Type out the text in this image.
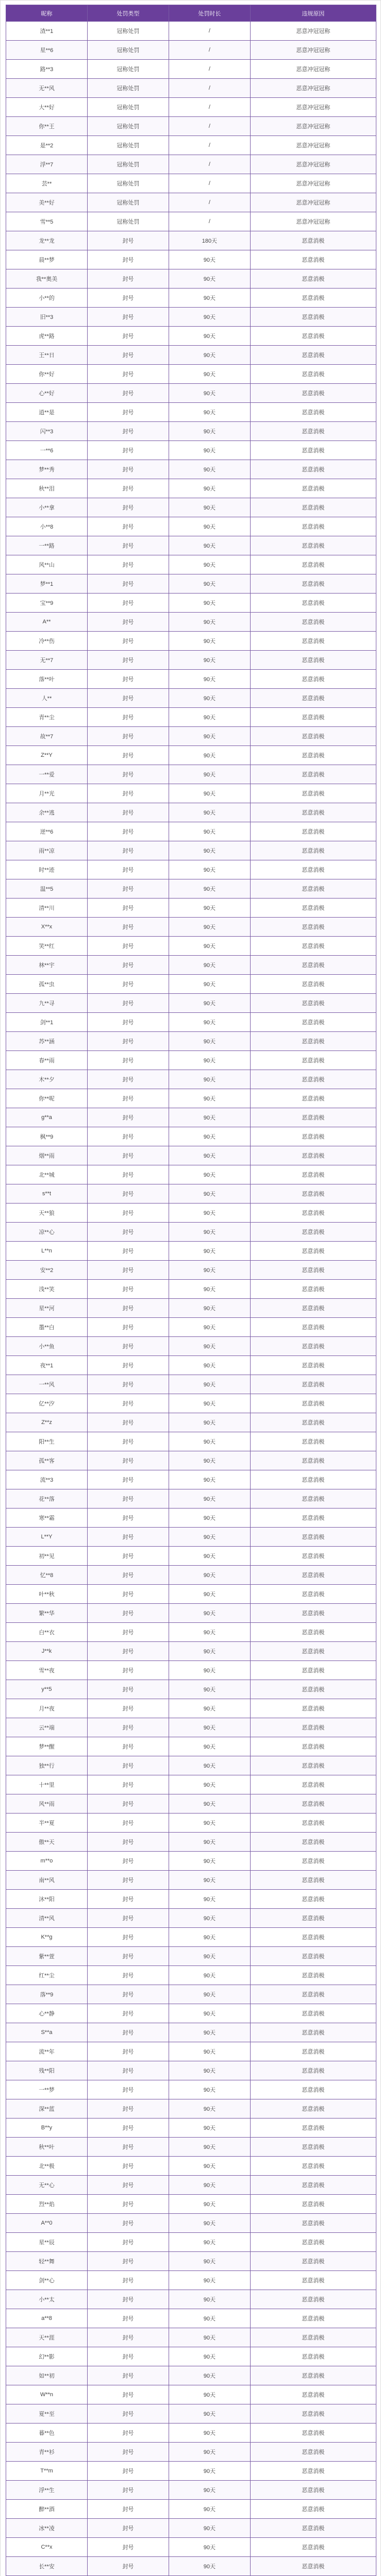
昵称	处罚类型	处罚时长	违规原因
渣**1	冠称处罚	/	恶意冲冠冠称
星**6	冠称处罚	/	恶意冲冠冠称
路**3	冠称处罚	/	恶意冲冠冠称
无**风	冠称处罚	/	恶意冲冠冠称
大**好	冠称处罚	/	恶意冲冠冠称
你**王	冠称处罚	/	恶意冲冠冠称
是**2	冠称处罚	/	恶意冲冠冠称
浮**7	冠称处罚	/	恶意冲冠冠称
芸**	冠称处罚	/	恶意冲冠冠称
美**好	冠称处罚	/	恶意冲冠冠称
雪**5	冠称处罚	/	恶意冲冠冠称
龙**龙	封号	180天	恶意消极
晨**梦	封号	90天	恶意消极
我**奥美	封号	90天	恶意消极
小**的	封号	90天	恶意消极
旧**3	封号	90天	恶意消极
虎**路	封号	90天	恶意消极
王**日	封号	90天	恶意消极
你**好	封号	90天	恶意消极
心**好	封号	90天	恶意消极
逍**是	封号	90天	恶意消极
闪**3	封号	90天	恶意消极
一**6	封号	90天	恶意消极
梦**秀	封号	90天	恶意消极
秋**泪	封号	90天	恶意消极
小**拿	封号	90天	恶意消极
小**8	封号	90天	恶意消极
一**路	封号	90天	恶意消极
风**山	封号	90天	恶意消极
梦**1	封号	90天	恶意消极
宝**9	封号	90天	恶意消极
A**	封号	90天	恶意消极
冷**伤	封号	90天	恶意消极
无**7	封号	90天	恶意消极
落**叶	封号	90天	恶意消极
人**	封号	90天	恶意消极
青**尘	封号	90天	恶意消极
故**7	封号	90天	恶意消极
Z**Y	封号	90天	恶意消极
一**爱	封号	90天	恶意消极
月**光	封号	90天	恶意消极
余**逃	封号	90天	恶意消极
逆**6	封号	90天	恶意消极
雨**凉	封号	90天	恶意消极
时**迹	封号	90天	恶意消极
温**5	封号	90天	恶意消极
清**川	封号	90天	恶意消极
X**x	封号	90天	恶意消极
笑**红	封号	90天	恶意消极
林**宇	封号	90天	恶意消极
孤**虫	封号	90天	恶意消极
九**寻	封号	90天	恶意消极
剑**1	封号	90天	恶意消极
苏**涵	封号	90天	恶意消极
春**雨	封号	90天	恶意消极
木**夕	封号	90天	恶意消极
你**呢	封号	90天	恶意消极
g**a	封号	90天	恶意消极
枫**9	封号	90天	恶意消极
烟**雨	封号	90天	恶意消极
北**城	封号	90天	恶意消极
s**t	封号	90天	恶意消极
天**狼	封号	90天	恶意消极
凉**心	封号	90天	恶意消极
L**n	封号	90天	恶意消极
安**2	封号	90天	恶意消极
浅**笑	封号	90天	恶意消极
星**河	封号	90天	恶意消极
墨**白	封号	90天	恶意消极
小**鱼	封号	90天	恶意消极
夜**1	封号	90天	恶意消极
一**风	封号	90天	恶意消极
亿**汐	封号	90天	恶意消极
Z**z	封号	90天	恶意消极
阳**生	封号	90天	恶意消极
孤**客	封号	90天	恶意消极
流**3	封号	90天	恶意消极
花**落	封号	90天	恶意消极
寒**霜	封号	90天	恶意消极
L**Y	封号	90天	恶意消极
初**见	封号	90天	恶意消极
忆**8	封号	90天	恶意消极
叶**秋	封号	90天	恶意消极
繁**华	封号	90天	恶意消极
白**衣	封号	90天	恶意消极
J**k	封号	90天	恶意消极
雪**夜	封号	90天	恶意消极
y**5	封号	90天	恶意消极
月**夜	封号	90天	恶意消极
云**端	封号	90天	恶意消极
梦**醒	封号	90天	恶意消极
独**行	封号	90天	恶意消极
十**里	封号	90天	恶意消极
风**雨	封号	90天	恶意消极
半**夏	封号	90天	恶意消极
傲**天	封号	90天	恶意消极
m**o	封号	90天	恶意消极
南**风	封号	90天	恶意消极
沐**阳	封号	90天	恶意消极
清**风	封号	90天	恶意消极
K**g	封号	90天	恶意消极
紫**萱	封号	90天	恶意消极
红**尘	封号	90天	恶意消极
落**9	封号	90天	恶意消极
心**静	封号	90天	恶意消极
S**a	封号	90天	恶意消极
流**年	封号	90天	恶意消极
残**阳	封号	90天	恶意消极
一**梦	封号	90天	恶意消极
深**蓝	封号	90天	恶意消极
B**y	封号	90天	恶意消极
秋**叶	封号	90天	恶意消极
北**极	封号	90天	恶意消极
无**心	封号	90天	恶意消极
烈**焰	封号	90天	恶意消极
A**0	封号	90天	恶意消极
星**辰	封号	90天	恶意消极
轻**舞	封号	90天	恶意消极
剑**心	封号	90天	恶意消极
小**太	封号	90天	恶意消极
a**8	封号	90天	恶意消极
天**涯	封号	90天	恶意消极
幻**影	封号	90天	恶意消极
如**初	封号	90天	恶意消极
W**n	封号	90天	恶意消极
夏**至	封号	90天	恶意消极
暮**色	封号	90天	恶意消极
青**衫	封号	90天	恶意消极
T**m	封号	90天	恶意消极
浮**生	封号	90天	恶意消极
醉**酒	封号	90天	恶意消极
冰**凌	封号	90天	恶意消极
C**x	封号	90天	恶意消极
长**安	封号	90天	恶意消极
